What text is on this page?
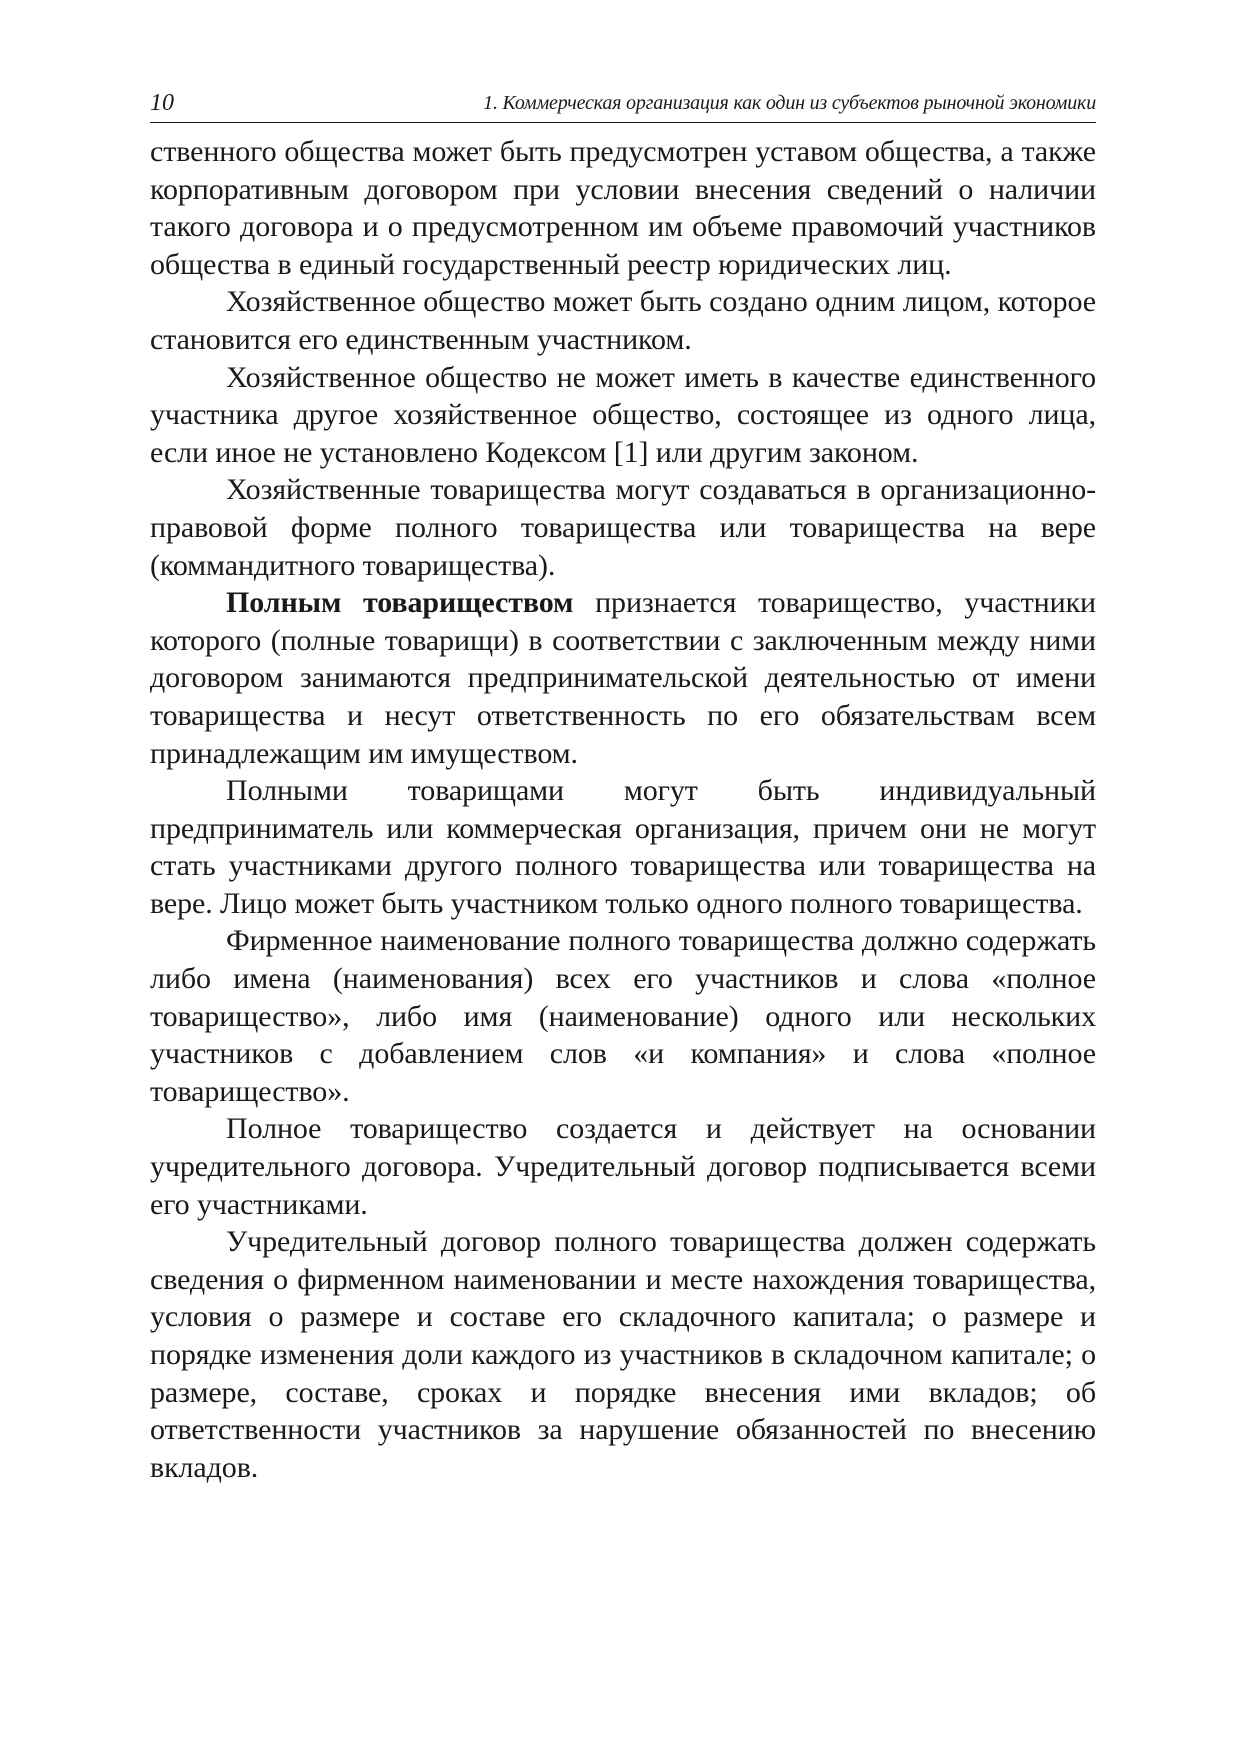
10	1. Коммерческая организация как один из субъектов рыночной экономики

ственного общества может быть предусмотрен уставом общества, а также корпоративным договором при условии внесения сведений о наличии такого договора и о предусмотренном им объеме правомочий участников общества в единый государственный реестр юридических лиц.

Хозяйственное общество может быть создано одним лицом, которое становится его единственным участником.

Хозяйственное общество не может иметь в качестве единственного участника другое хозяйственное общество, состоящее из одного лица, если иное не установлено Кодексом [1] или другим законом.

Хозяйственные товарищества могут создаваться в организационно-правовой форме полного товарищества или товарищества на вере (коммандитного товарищества).

Полным товариществом признается товарищество, участники которого (полные товарищи) в соответствии с заключенным между ними договором занимаются предпринимательской деятельностью от имени товарищества и несут ответственность по его обязательствам всем принадлежащим им имуществом.

Полными товарищами могут быть индивидуальный предприниматель или коммерческая организация, причем они не могут стать участниками другого полного товарищества или товарищества на вере. Лицо может быть участником только одного полного товарищества.

Фирменное наименование полного товарищества должно содержать либо имена (наименования) всех его участников и слова «полное товарищество», либо имя (наименование) одного или нескольких участников с добавлением слов «и компания» и слова «полное товарищество».

Полное товарищество создается и действует на основании учредительного договора. Учредительный договор подписывается всеми его участниками.

Учредительный договор полного товарищества должен содержать сведения о фирменном наименовании и месте нахождения товарищества, условия о размере и составе его складочного капитала; о размере и порядке изменения доли каждого из участников в складочном капитале; о размере, составе, сроках и порядке внесения ими вкладов; об ответственности участников за нарушение обязанностей по внесению вкладов.
